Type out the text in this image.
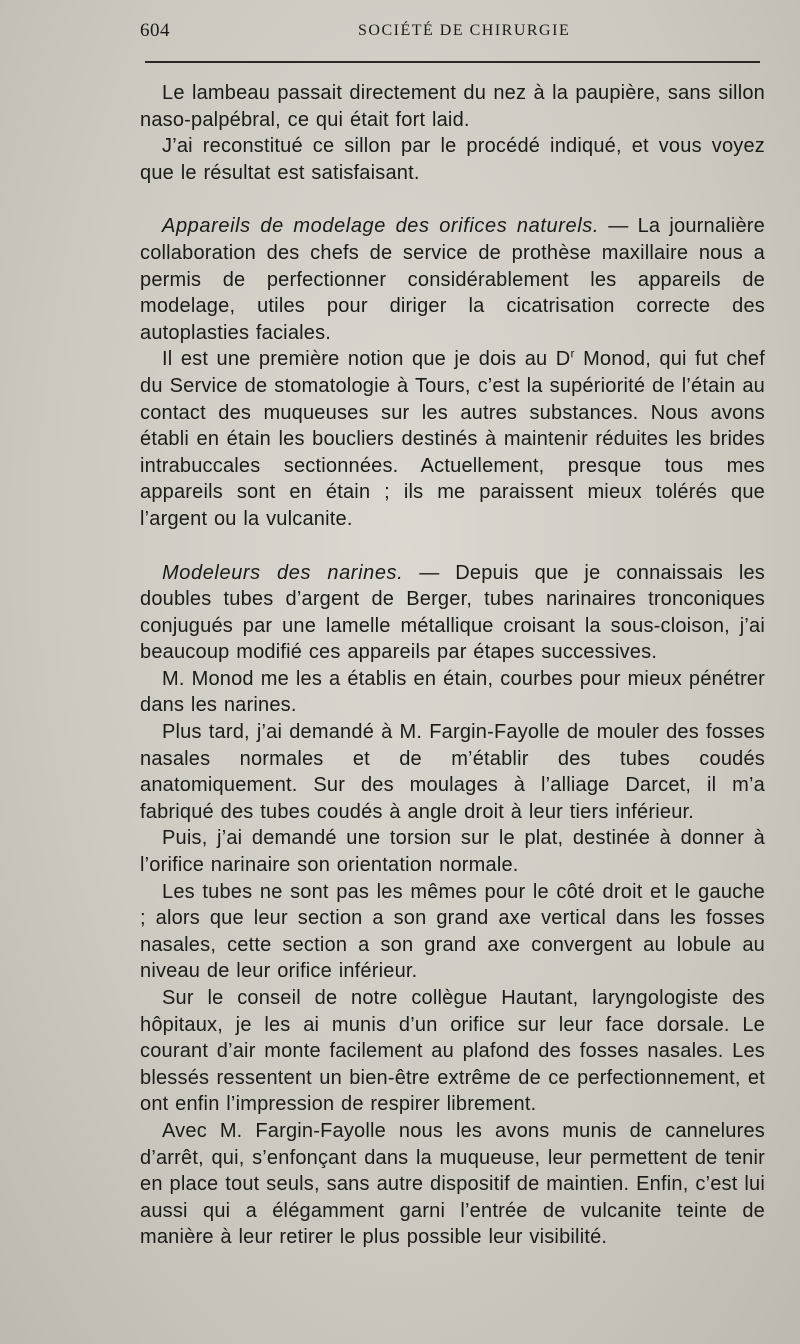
604	SOCIÉTÉ DE CHIRURGIE

Le lambeau passait directement du nez à la paupière, sans sillon naso-palpébral, ce qui était fort laid.

J’ai reconstitué ce sillon par le procédé indiqué, et vous voyez que le résultat est satisfaisant.

Appareils de modelage des orifices naturels. — La journalière collaboration des chefs de service de prothèse maxillaire nous a permis de perfectionner considérablement les appareils de modelage, utiles pour diriger la cicatrisation correcte des autoplasties faciales.

Il est une première notion que je dois au $D^r$ Monod, qui fut chef du Service de stomatologie à Tours, c’est la supériorité de l’étain au contact des muqueuses sur les autres substances. Nous avons établi en étain les boucliers destinés à maintenir réduites les brides intrabuccales sectionnées. Actuellement, presque tous mes appareils sont en étain ; ils me paraissent mieux tolérés que l’argent ou la vulcanite.

Modeleurs des narines. — Depuis que je connaissais les doubles tubes d’argent de Berger, tubes narinaires tronconiques conjugués par une lamelle métallique croisant la sous-cloison, j’ai beaucoup modifié ces appareils par étapes successives.

M. Monod me les a établis en étain, courbes pour mieux pénétrer dans les narines.

Plus tard, j’ai demandé à M. Fargin-Fayolle de mouler des fosses nasales normales et de m’établir des tubes coudés anatomiquement. Sur des moulages à l’alliage Darcet, il m’a fabriqué des tubes coudés à angle droit à leur tiers inférieur.

Puis, j’ai demandé une torsion sur le plat, destinée à donner à l’orifice narinaire son orientation normale.

Les tubes ne sont pas les mêmes pour le côté droit et le gauche ; alors que leur section a son grand axe vertical dans les fosses nasales, cette section a son grand axe convergent au lobule au niveau de leur orifice inférieur.

Sur le conseil de notre collègue Hautant, laryngologiste des hôpitaux, je les ai munis d’un orifice sur leur face dorsale. Le courant d’air monte facilement au plafond des fosses nasales. Les blessés ressentent un bien-être extrême de ce perfectionnement, et ont enfin l’impression de respirer librement.

Avec M. Fargin-Fayolle nous les avons munis de cannelures d’arrêt, qui, s’enfonçant dans la muqueuse, leur permettent de tenir en place tout seuls, sans autre dispositif de maintien. Enfin, c’est lui aussi qui a élégamment garni l’entrée de vulcanite teinte de manière à leur retirer le plus possible leur visibilité.
